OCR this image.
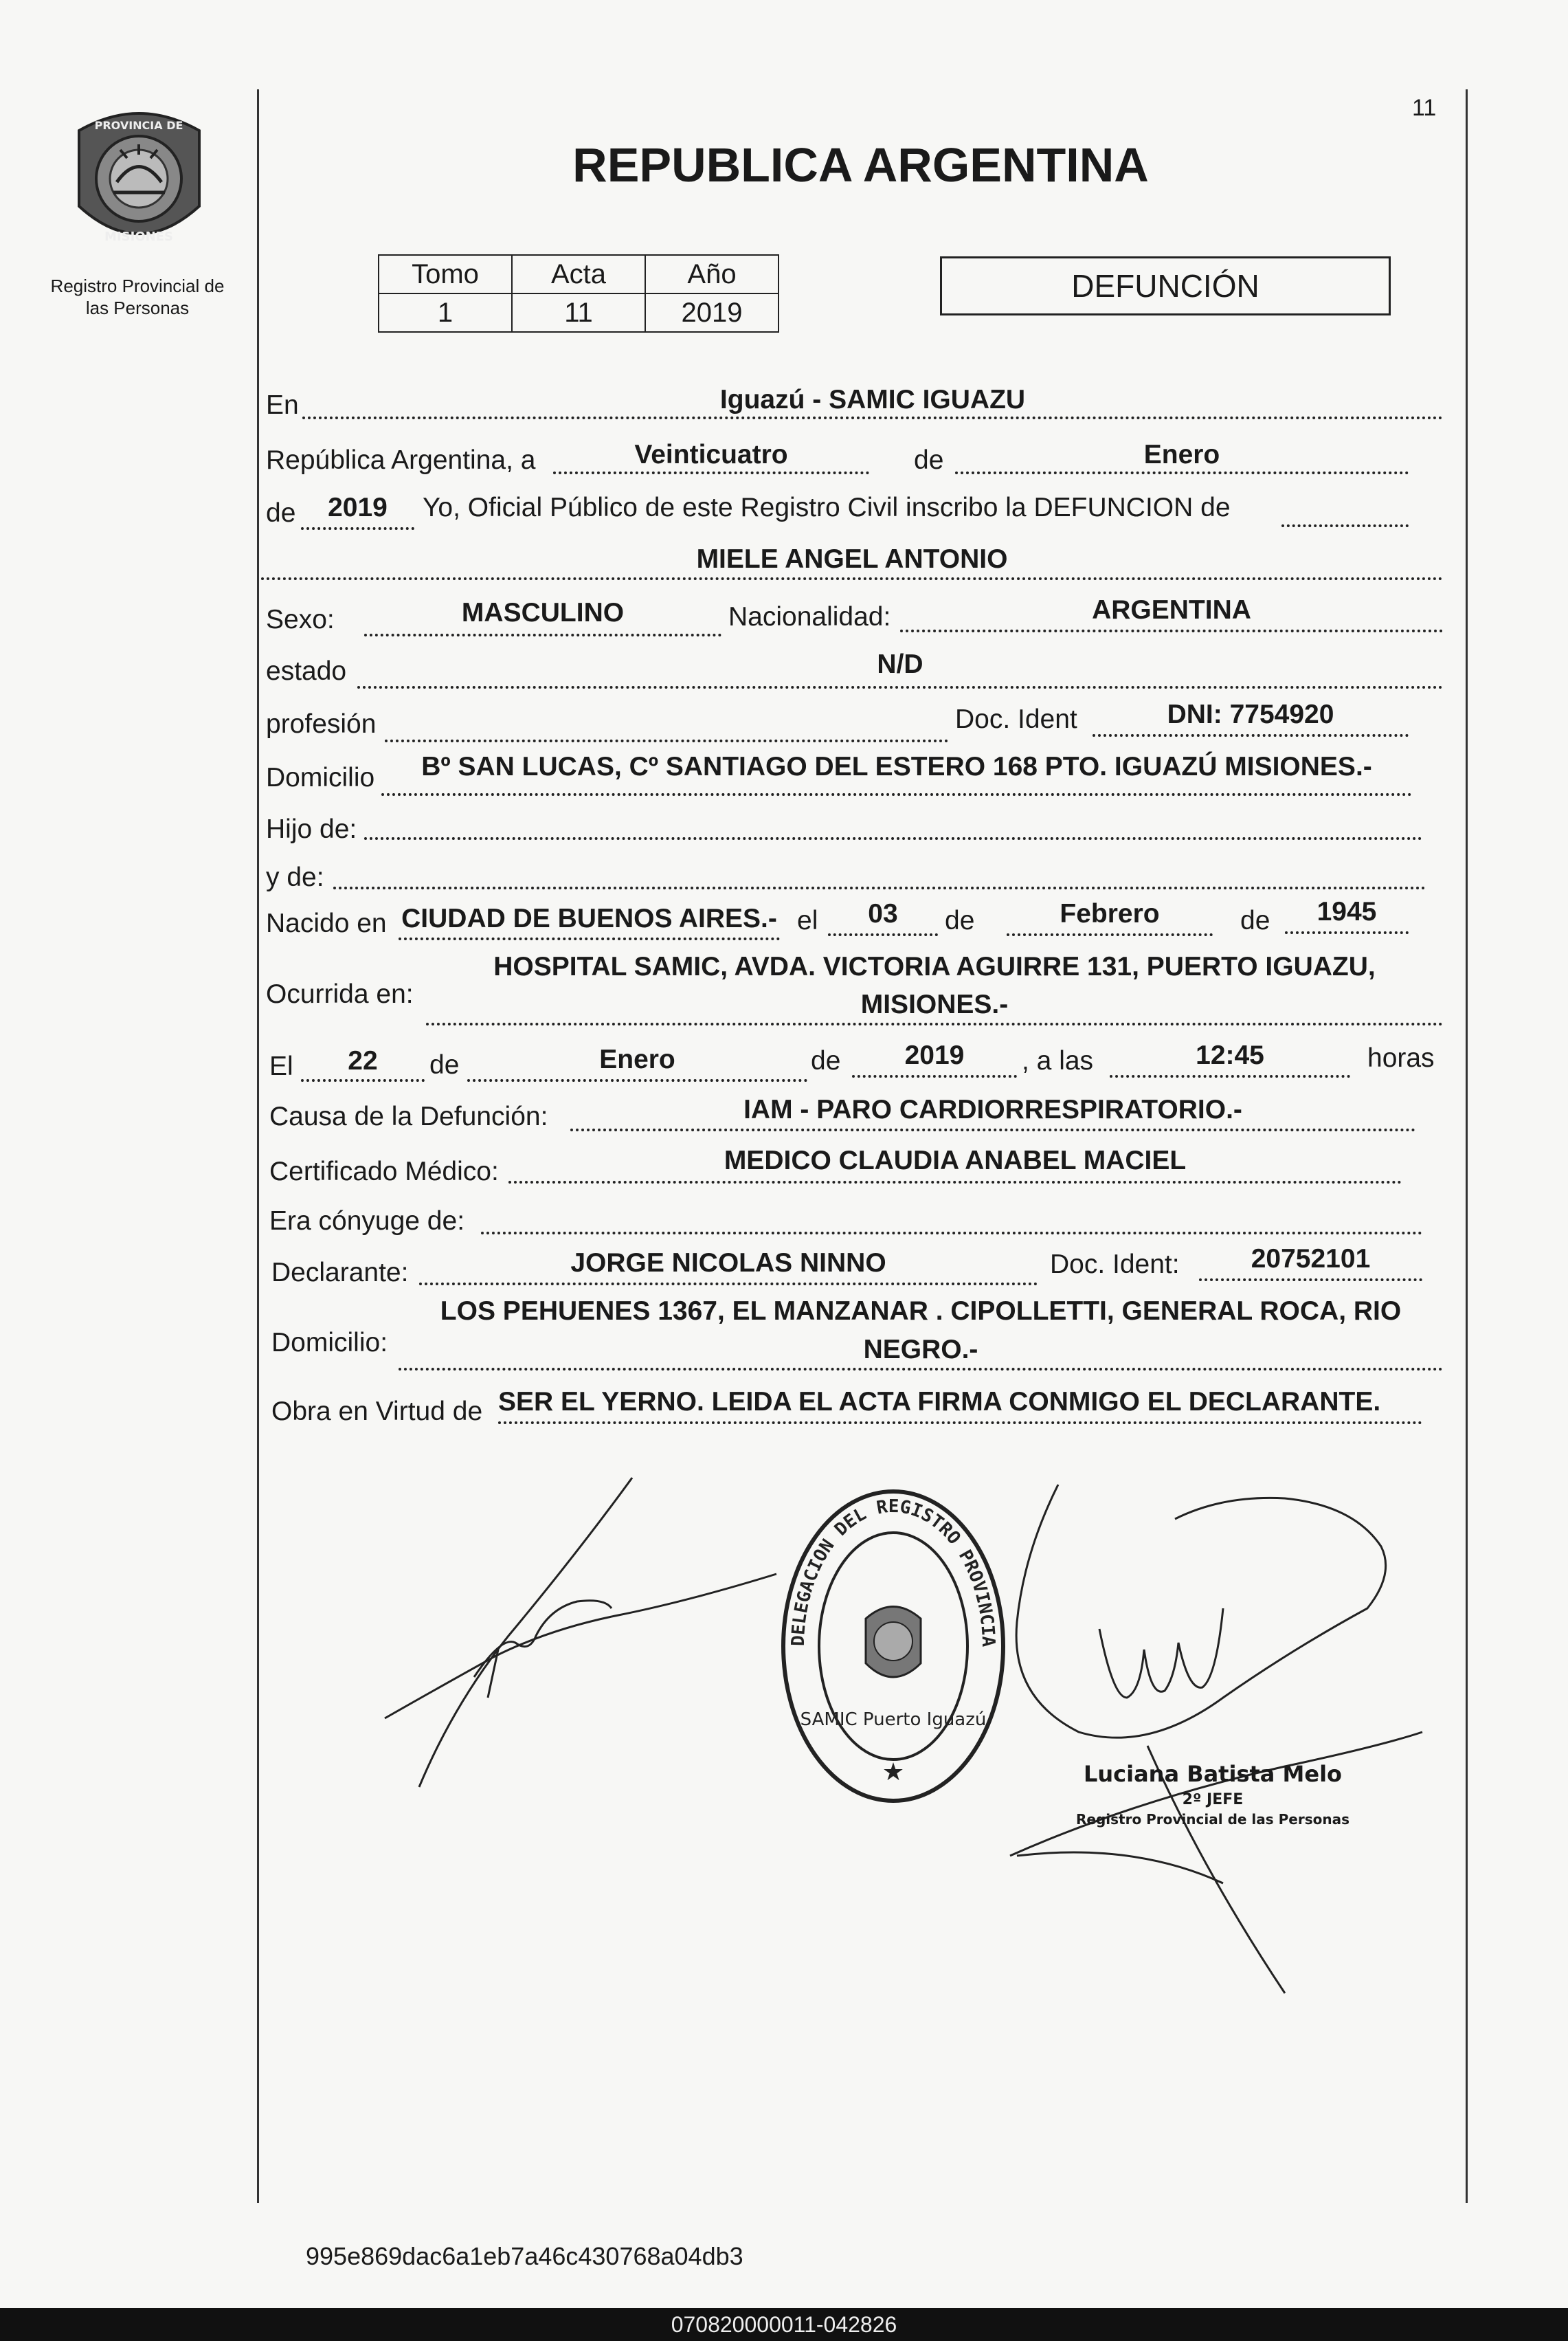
11
PROVINCIA DE
MISIONES
Registro Provincial de
las Personas
REPUBLICA ARGENTINA
Tomo	Acta	Año
1	11	2019
DEFUNCIÓN
En	Iguazú - SAMIC IGUAZU
República Argentina, a	Veinticuatro	de	Enero
de	2019	Yo, Oficial Público de este Registro Civil inscribo la DEFUNCION de
MIELE ANGEL ANTONIO
Sexo:	MASCULINO	Nacionalidad:	ARGENTINA
estado	N/D
profesión	Doc. Ident	DNI: 7754920
Domicilio	Bº SAN LUCAS, Cº SANTIAGO DEL ESTERO 168 PTO. IGUAZÚ MISIONES.-
Hijo de:
y de:
Nacido en CIUDAD DE BUENOS AIRES.- el	03	de	Febrero	de	1945
Ocurrida en:
HOSPITAL SAMIC, AVDA. VICTORIA AGUIRRE 131, PUERTO IGUAZU,
MISIONES.-
El	22	de	Enero	de	2019	, a las	12:45	horas
Causa de la Defunción:	IAM - PARO CARDIORRESPIRATORIO.-
Certificado Médico:	MEDICO CLAUDIA ANABEL MACIEL
Era cónyuge de:
Declarante:	JORGE NICOLAS NINNO	Doc. Ident:	20752101
Domicilio:
LOS PEHUENES 1367, EL MANZANAR . CIPOLLETTI, GENERAL ROCA, RIO
NEGRO.-
Obra en Virtud de SER EL YERNO. LEIDA EL ACTA FIRMA CONMIGO EL DECLARANTE.
DELEGACION DEL REGISTRO PROVINCIA
SAMIC Puerto Iguazú
★	Luciana Batista Melo
2º JEFE
Registro Provincial de las Personas
995e869dac6a1eb7a46c430768a04db3
070820000011-042826
